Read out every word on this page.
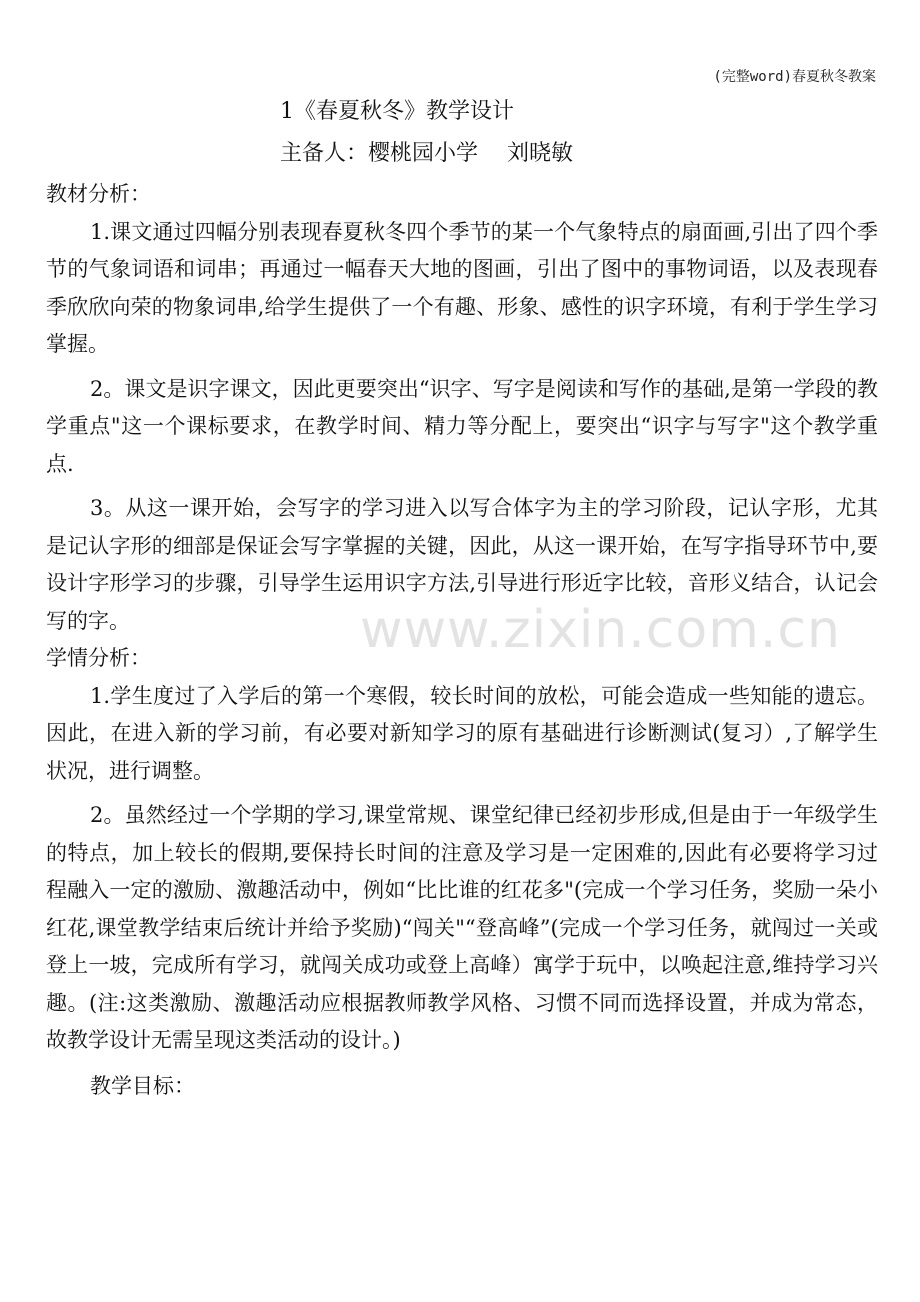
(完整word)春夏秋冬教案
www.zixin.com.cn
1《春夏秋冬》教学设计
主备人：樱桃园小学　 刘晓敏

教材分析：

1.课文通过四幅分别表现春夏秋冬四个季节的某一个气象特点的扇面画,引出了四个季节的气象词语和词串；再通过一幅春天大地的图画，引出了图中的事物词语，以及表现春季欣欣向荣的物象词串,给学生提供了一个有趣、形象、感性的识字环境，有利于学生学习掌握。

2。课文是识字课文，因此更要突出“识字、写字是阅读和写作的基础,是第一学段的教学重点"这一个课标要求，在教学时间、精力等分配上，要突出“识字与写字"这个教学重点.

3。从这一课开始，会写字的学习进入以写合体字为主的学习阶段，记认字形，尤其是记认字形的细部是保证会写字掌握的关键，因此，从这一课开始，在写字指导环节中,要设计字形学习的步骤，引导学生运用识字方法,引导进行形近字比较，音形义结合，认记会写的字。

学情分析：

1.学生度过了入学后的第一个寒假，较长时间的放松，可能会造成一些知能的遗忘。因此，在进入新的学习前，有必要对新知学习的原有基础进行诊断测试(复习）,了解学生状况，进行调整。

2。虽然经过一个学期的学习,课堂常规、课堂纪律已经初步形成,但是由于一年级学生的特点，加上较长的假期,要保持长时间的注意及学习是一定困难的,因此有必要将学习过程融入一定的激励、激趣活动中，例如“比比谁的红花多"(完成一个学习任务，奖励一朵小红花,课堂教学结束后统计并给予奖励)“闯关"“登高峰”(完成一个学习任务，就闯过一关或登上一坡，完成所有学习，就闯关成功或登上高峰）寓学于玩中，以唤起注意,维持学习兴趣。(注:这类激励、激趣活动应根据教师教学风格、习惯不同而选择设置，并成为常态，故教学设计无需呈现这类活动的设计。)

教学目标：
